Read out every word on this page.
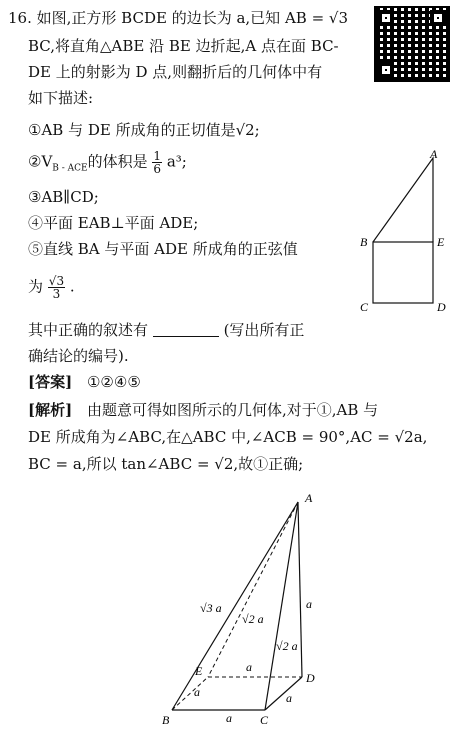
16. 如图,正方形 BCDE 的边长为 a,已知 AB = √3
BC,将直角△ABE 沿 BE 边折起,A 点在面 BC-
DE 上的射影为 D 点,则翻折后的几何体中有
如下描述:
①AB 与 DE 所成角的正切值是√2;
$②V_{B - ACE}$的体积是 $\frac{1}{6} a^3$;
③AB∥CD;
④平面 EAB⊥平面 ADE;
⑤直线 BA 与平面 ADE 所成角的正弦值
为 $\frac{√3}{3}$ .
其中正确的叙述有	(写出所有正
确结论的编号).
[答案] ①②④⑤
[解析] 由题意可得如图所示的几何体,对于①,AB 与
DE 所成角为∠ABC,在△ABC 中,∠ACB = 90°,AC = √2a,
BC = a,所以 tan∠ABC = √2,故①正确;
A
B	E
C	D
A
B	C
D
E
√3 a
√2 a
a
√2 a
a
a	a
a
